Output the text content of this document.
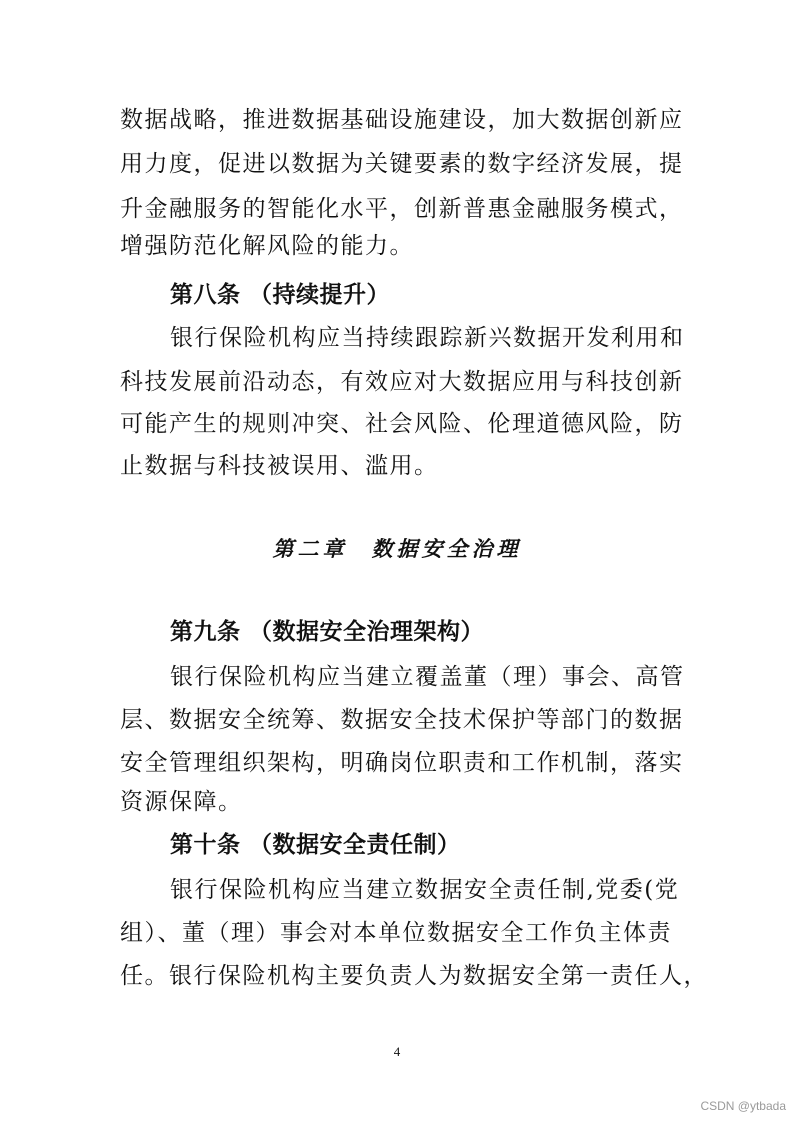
数据战略，推进数据基础设施建设，加大数据创新应
用力度，促进以数据为关键要素的数字经济发展，提
升金融服务的智能化水平，创新普惠金融服务模式，
增强防范化解风险的能力。
第八条 （持续提升）
银行保险机构应当持续跟踪新兴数据开发利用和
科技发展前沿动态，有效应对大数据应用与科技创新
可能产生的规则冲突、社会风险、伦理道德风险，防
止数据与科技被误用、滥用。
第二章 数据安全治理
第九条 （数据安全治理架构）
银行保险机构应当建立覆盖董（理）事会、高管
层、数据安全统筹、数据安全技术保护等部门的数据
安全管理组织架构，明确岗位职责和工作机制，落实
资源保障。
第十条 （数据安全责任制）
银行保险机构应当建立数据安全责任制,党委(党
组）、董（理）事会对本单位数据安全工作负主体责
任。银行保险机构主要负责人为数据安全第一责任人，
4
CSDN @ytbada
